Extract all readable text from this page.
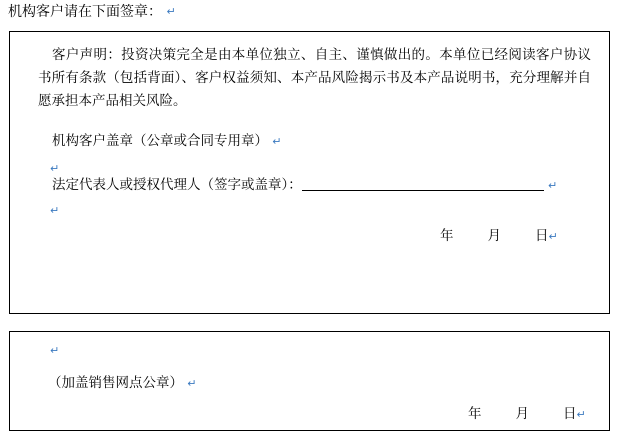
机构客户请在下面签章： ↵
客户声明：投资决策完全是由本单位独立、自主、谨慎做出的。本单位已经阅读客户协议书所有条款（包括背面）、客户权益须知、本产品风险揭示书及本产品说明书，充分理解并自愿承担本产品相关风险。
机构客户盖章（公章或合同专用章） ↵
↵
法定代表人或授权代理人（签字或盖章）：	↵
↵
年	月	日↵
↵
（加盖销售网点公章） ↵
年	月	日↵
